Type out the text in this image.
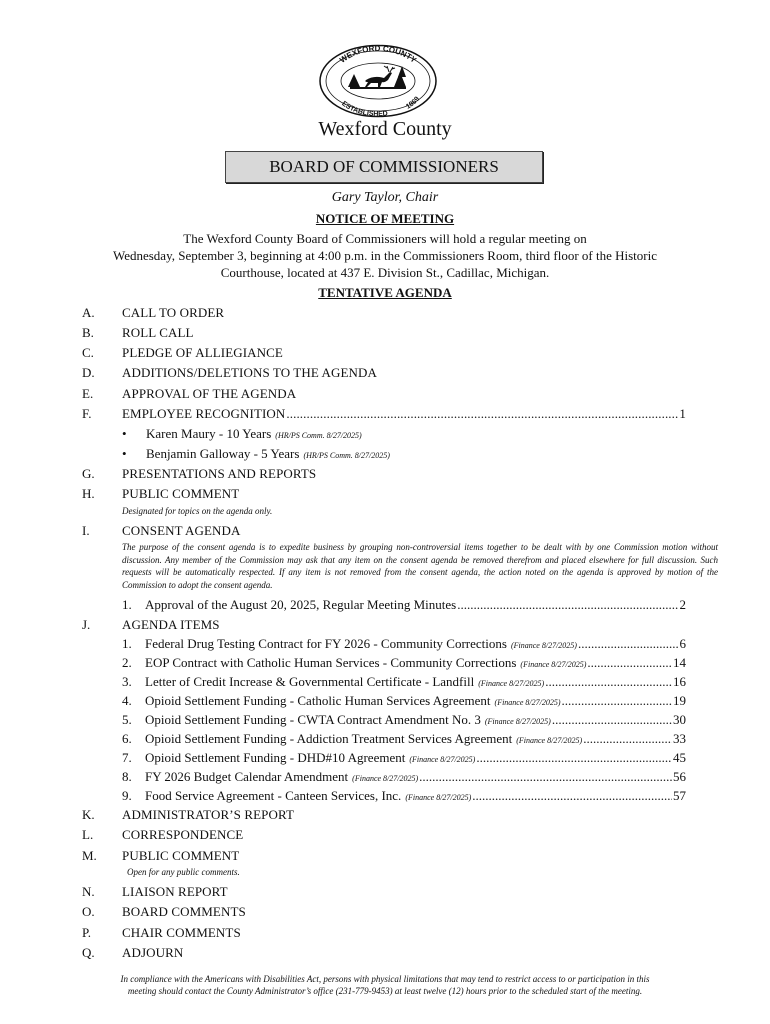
WEXFORD COUNTY
ESTABLISHED
1869
Wexford County
BOARD OF COMMISSIONERS
Gary Taylor, Chair
NOTICE OF MEETING
The Wexford County Board of Commissioners will hold a regular meeting on
Wednesday, September 3, beginning at 4:00 p.m. in the Commissioners Room, third floor of the Historic
Courthouse, located at 437 E. Division St., Cadillac, Michigan.
TENTATIVE AGENDA
A. CALL TO ORDER
B. ROLL CALL
C. PLEDGE OF ALLIEGIANCE
D. ADDITIONS/DELETIONS TO THE AGENDA
E. APPROVAL OF THE AGENDA
F. EMPLOYEE RECOGNITION .....	1
• Karen Maury - 10 Years (HR/PS Comm. 8/27/2025)
• Benjamin Galloway - 5 Years (HR/PS Comm. 8/27/2025)
G. PRESENTATIONS AND REPORTS
H. PUBLIC COMMENT
Designated for topics on the agenda only.
I. CONSENT AGENDA
The purpose of the consent agenda is to expedite business by grouping non-controversial items together to be dealt with by one Commission motion without discussion. Any member of the Commission may ask that any item on the consent agenda be removed therefrom and placed elsewhere for full discussion. Such requests will be automatically respected. If any item is not removed from the consent agenda, the action noted on the agenda is approved by motion of the Commission to adopt the consent agenda.
1. Approval of the August 20, 2025, Regular Meeting Minutes .....	2
J. AGENDA ITEMS
1. Federal Drug Testing Contract for FY 2026 - Community Corrections (Finance 8/27/2025) .....	6
2. EOP Contract with Catholic Human Services - Community Corrections (Finance 8/27/2025) .....	14
3. Letter of Credit Increase & Governmental Certificate - Landfill (Finance 8/27/2025) .....	16
4. Opioid Settlement Funding - Catholic Human Services Agreement (Finance 8/27/2025) .....	19
5. Opioid Settlement Funding - CWTA Contract Amendment No. 3 (Finance 8/27/2025) .....	30
6. Opioid Settlement Funding - Addiction Treatment Services Agreement (Finance 8/27/2025) .....	33
7. Opioid Settlement Funding - DHD#10 Agreement (Finance 8/27/2025) .....	45
8. FY 2026 Budget Calendar Amendment (Finance 8/27/2025) .....	56
9. Food Service Agreement - Canteen Services, Inc. (Finance 8/27/2025) .....	57
K. ADMINISTRATOR’S REPORT
L. CORRESPONDENCE
M. PUBLIC COMMENT
Open for any public comments.
N. LIAISON REPORT
O. BOARD COMMENTS
P. CHAIR COMMENTS
Q. ADJOURN
In compliance with the Americans with Disabilities Act, persons with physical limitations that may tend to restrict access to or participation in this
meeting should contact the County Administrator’s office (231-779-9453) at least twelve (12) hours prior to the scheduled start of the meeting.
